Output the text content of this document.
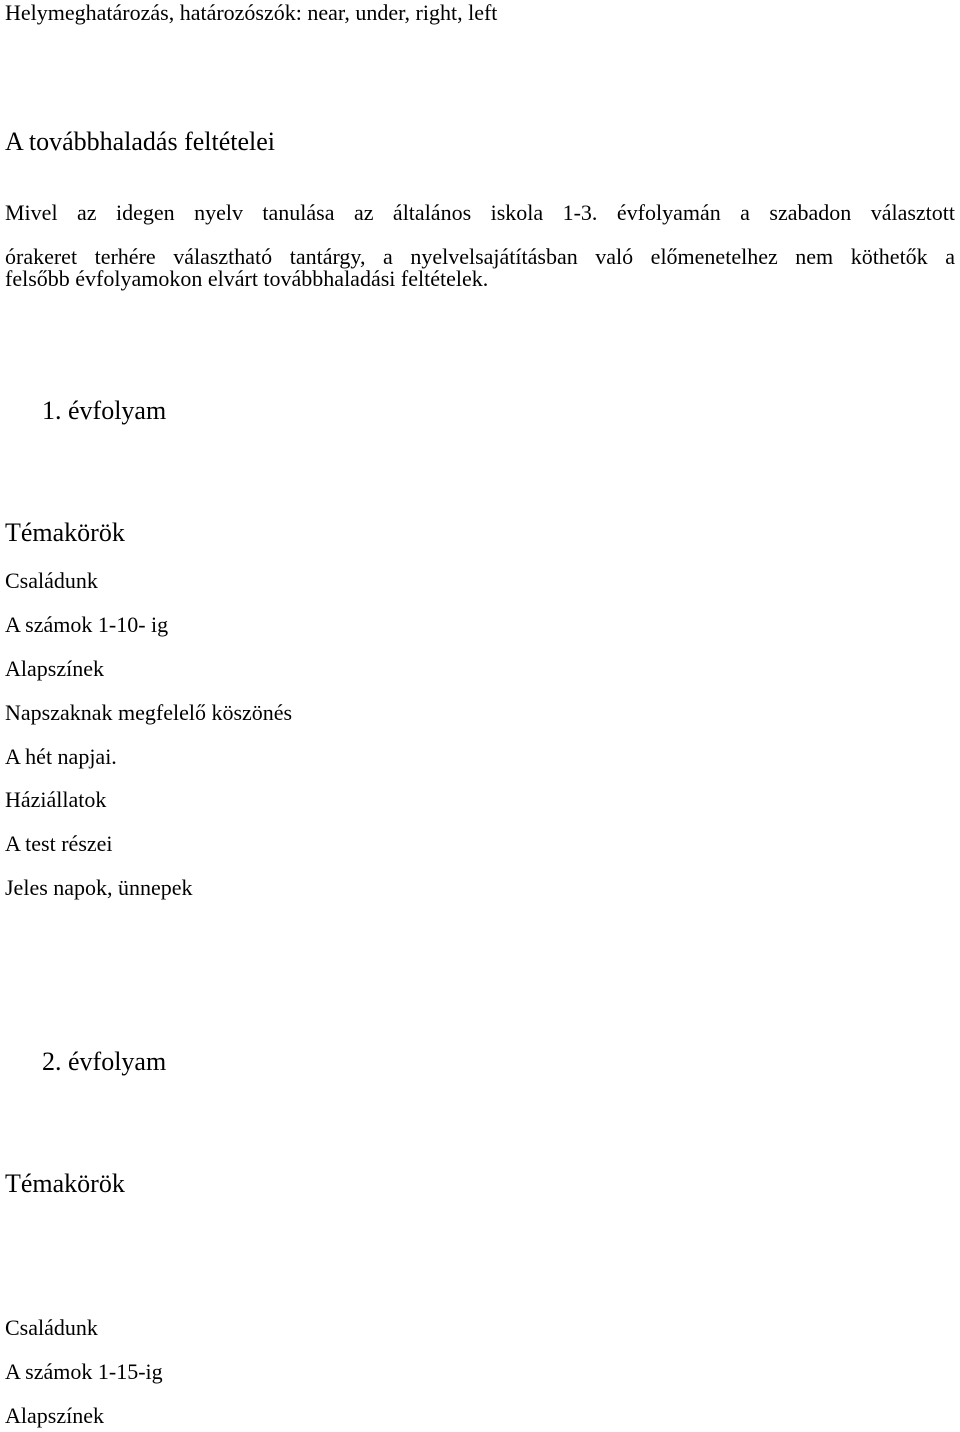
Helymeghatározás, határozószók: near, under, right, left

A továbbhaladás feltételei

Mivel az idegen nyelv tanulása az általános iskola 1-3. évfolyamán a szabadon választott

órakeret terhére választható tantárgy, a nyelvelsajátításban való előmenetelhez nem köthetők a

felsőbb évfolyamokon elvárt továbbhaladási feltételek.

1. évfolyam
Témakörök

Családunk

A számok 1-10- ig

Alapszínek

Napszaknak megfelelő köszönés

A hét napjai.

Háziállatok

A test részei

Jeles napok, ünnepek

2. évfolyam
Témakörök

Családunk

A számok 1-15-ig

Alapszínek
